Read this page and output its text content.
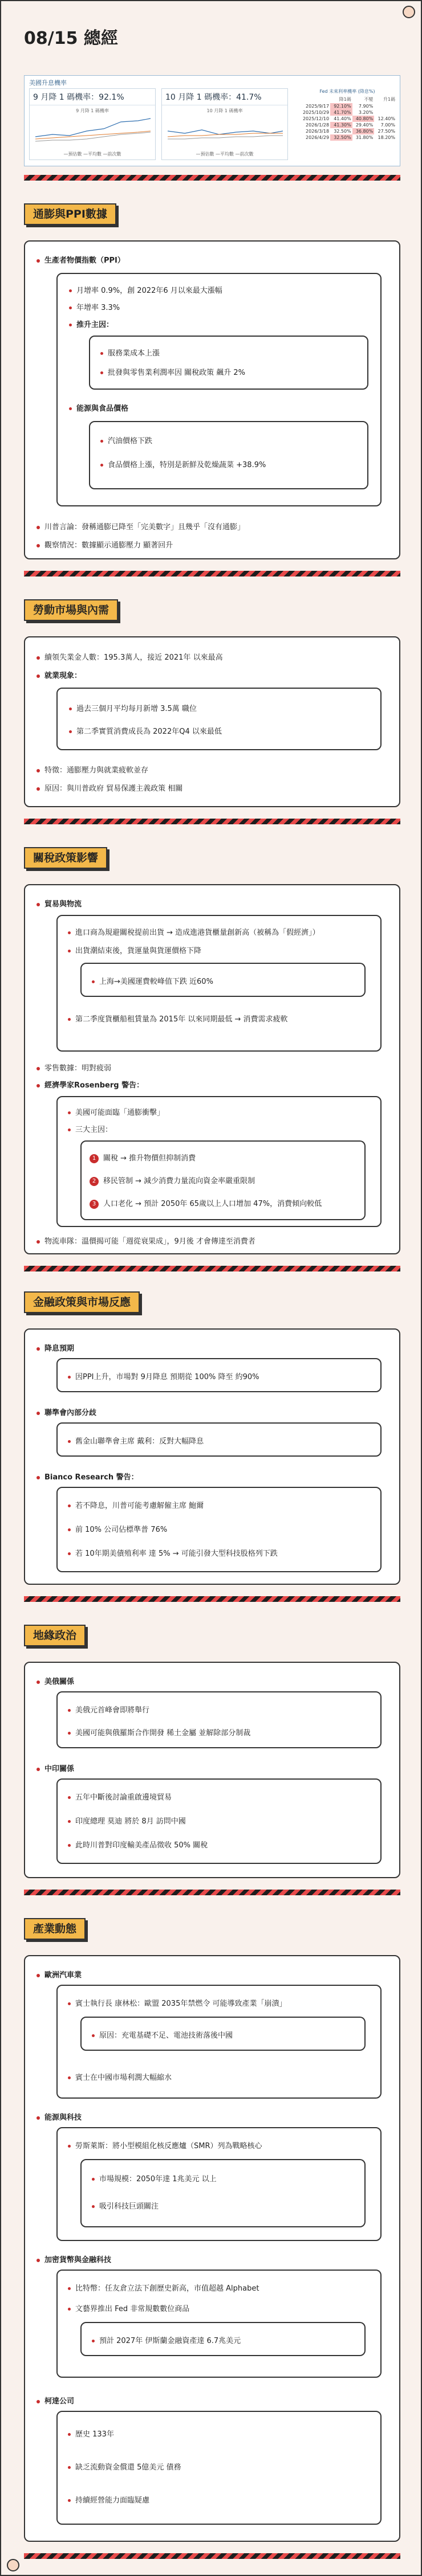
08/15 總經
美國升息機率
9 月降 1 碼機率：92.1%
9 月降 1 碼機率
—預估數 —平均數 —前次數
10 月降 1 碼機率：41.7%
10 月降 1 碼機率
—預估數 —平均數 —前次數
Fed 未來利率機率 (降息%)
	降1碼	不變	升1碼
2025/9/17	92.10%	7.90%	
2025/10/29	41.70%	3.20%	
2025/12/10	41.40%	40.80%	12.40%
2026/1/28	41.30%	29.40%	7.00%
2026/3/18	32.50%	36.80%	27.50%
2026/4/29	32.50%	31.80%	18.20%
通膨與PPI數據
生產者物價指數（PPI）
月增率 0.9%，創 2022年6 月以來最大漲幅
年增率 3.3%
推升主因：
服務業成本上漲
批發與零售業利潤率因 關稅政策 飆升 2%
能源與食品價格
汽油價格下跌
食品價格上漲，特別是新鮮及乾燥蔬菜 +38.9%
川普言論：發稱通膨已降至「完美數字」且幾乎「沒有通膨」
觀察情況：數據顯示通膨壓力 顯著回升
勞動市場與內需
續領失業金人數：195.3萬人，接近 2021年 以來最高
就業現象：
過去三個月平均每月新增 3.5萬 職位
第二季實質消費成長為 2022年Q4 以來最低
特徵：通膨壓力與就業疲軟並存
原因：與川普政府 貿易保護主義政策 相關
關稅政策影響
貿易與物流
進口商為規避關稅提前出貨 → 造成進港貨櫃量創新高（被稱為「假經濟」）
出貨潮結束後，貨運量與貨運價格下降
上海→美國運費較峰值下跌 近60%
第二季度貨櫃船租賃量為 2015年 以來同期最低 → 消費需求疲軟
零售數據：明對疲弱
經濟學家Rosenberg 警告：
美國可能面臨「通膨衝擊」
三大主因：
1 關稅 → 推升物價但抑制消費
2 移民管制 → 減少消費力量流向資金率嚴重限制
3 人口老化 → 預計 2050年 65歲以上人口增加 47%，消費傾向較低
物流車隊：溫價揭可能「週從衰果成」，9月後 才會傳達至消費者
金融政策與市場反應
降息預期
因PPI上升，市場對 9月降息 預期從 100% 降至 約90%
聯準會內部分歧
舊金山聯準會主席 戴利：反對大幅降息
Bianco Research 警告：
若不降息，川普可能考慮解僱主席 鮑爾
前 10% 公司佔標準普 76%
若 10年期美債殖利率 達 5% → 可能引發大型科技股格列下跌
地緣政治
美俄關係
美俄元首峰會即將舉行
美國可能與俄羅斯合作開發 稀土金屬 並解除部分制裁
中印關係
五年中斷後討論重啟邊境貿易
印度總理 莫迪 將於 8月 訪問中國
此時川普對印度輸美產品徵收 50% 關稅
產業動態
歐洲汽車業
賓士執行長 康林松：歐盟 2035年禁燃令 可能導致產業「崩潰」
原因：充電基礎不足、電池技術落後中國
賓士在中國市場利潤大幅縮水
能源與科技
勞斯萊斯：將小型模組化核反應爐（SMR）列為戰略核心
市場規模：2050年達 1兆美元 以上
吸引科技巨頭關注
加密貨幣與金融科技
比特幣：任友倉立法下創歷史新高，市值超越 Alphabet
文藝界推出 Fed 非常規數數位商品
預計 2027年 伊斯蘭金融資產達 6.7兆美元
柯達公司
歷史 133年
缺乏流動資金償還 5億美元 債務
持續經營能力面臨疑慮
